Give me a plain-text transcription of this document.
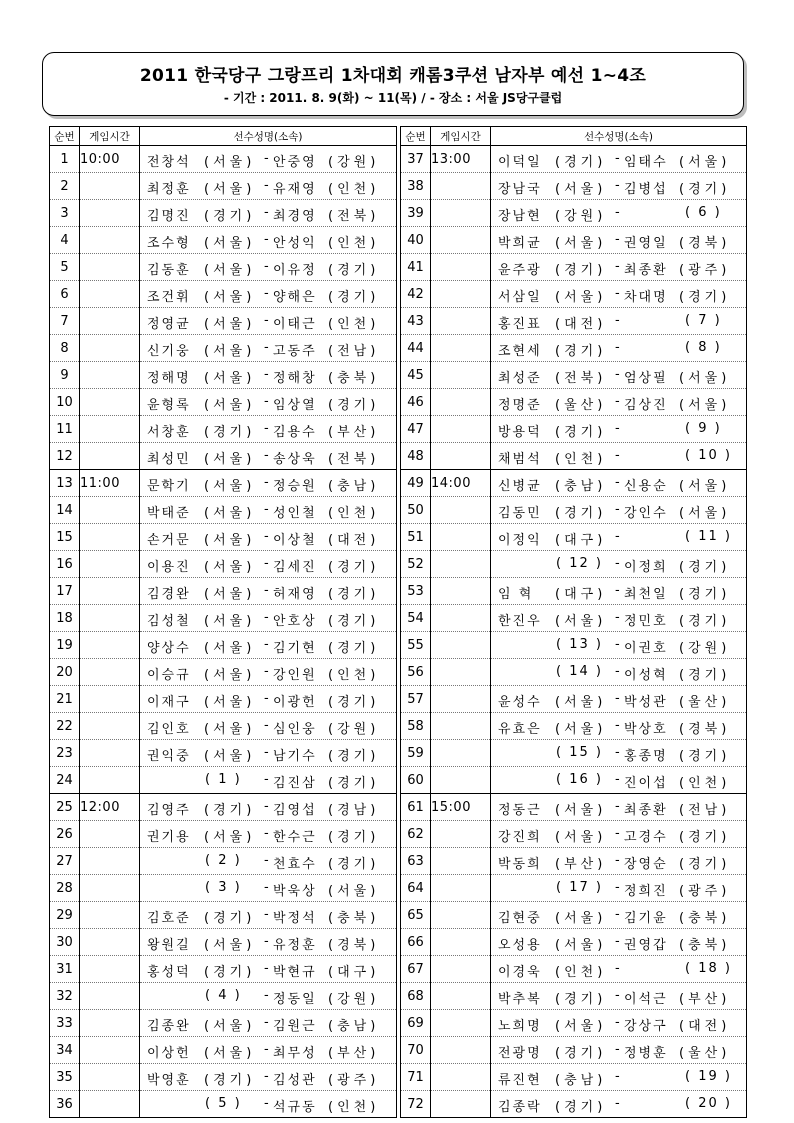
2011 한국당구 그랑프리 1차대회 캐롬3쿠션 남자부 예선 1~4조
- 기간 : 2011. 8. 9(화) ~ 11(목) / - 장소 : 서울 JS당구클럽
순번	게임시간	선수성명(소속)
1	10:00	전창석 (서울) - 안중영 (강원)

2		최정훈 (서울) - 유재영 (인천)

3		김명진 (경기) - 최경영 (전북)

4		조수형 (서울) - 안성익 (인천)

5		김동훈 (서울) - 이유정 (경기)

6		조건휘 (서울) - 양해은 (경기)

7		정영균 (서울) - 이태근 (인천)

8		신기웅 (서울) - 고동주 (전남)

9		정해명 (서울) - 정해창 (충북)

10		윤형록 (서울) - 임상열 (경기)

11		서창훈 (경기) - 김용수 (부산)

12		최성민 (서울) - 송상욱 (전북)

13	11:00	문학기 (서울) - 정승원 (충남)

14		박태준 (서울) - 성인철 (인천)

15		손거문 (서울) - 이상철 (대전)

16		이용진 (서울) - 김세진 (경기)

17		김경완 (서울) - 허재영 (경기)

18		김성철 (서울) - 안호상 (경기)

19		양상수 (서울) - 김기현 (경기)

20		이승규 (서울) - 강인원 (인천)

21		이재구 (서울) - 이광헌 (경기)

22		김인호 (서울) - 심인웅 (강원)

23		권익중 (서울) - 남기수 (경기)

24		( 1 ) - 김진삼 (경기)

25	12:00	김영주 (경기) - 김영섭 (경남)

26		권기용 (서울) - 한수근 (경기)

27		( 2 ) - 천효수 (경기)

28		( 3 ) - 박욱상 (서울)

29		김호준 (경기) - 박정석 (충북)

30		왕원길 (서울) - 유정훈 (경북)

31		홍성덕 (경기) - 박현규 (대구)

32		( 4 ) - 정동일 (강원)

33		김종완 (서울) - 김원근 (충남)

34		이상헌 (서울) - 최무성 (부산)

35		박영훈 (경기) - 김성관 (광주)

36		( 5 ) - 석규동 (인천)
순번	게임시간	선수성명(소속)
37	13:00	이덕일 (경기) - 임태수 (서울)

38		장남국 (서울) - 김병섭 (경기)

39		장남현 (강원) - ( 6 )

40		박희균 (서울) - 권영일 (경북)

41		윤주광 (경기) - 최종환 (광주)

42		서삼일 (서울) - 차대명 (경기)

43		홍진표 (대전) - ( 7 )

44		조현세 (경기) - ( 8 )

45		최성준 (전북) - 엄상필 (서울)

46		정명준 (울산) - 김상진 (서울)

47		방용덕 (경기) - ( 9 )

48		채범석 (인천) - ( 10 )

49	14:00	신병균 (충남) - 신용순 (서울)

50		김동민 (경기) - 강인수 (서울)

51		이정익 (대구) - ( 11 )

52		( 12 ) - 이정희 (경기)

53		임 혁 (대구) - 최천일 (경기)

54		한진우 (서울) - 정민호 (경기)

55		( 13 ) - 이권호 (강원)

56		( 14 ) - 이성혁 (경기)

57		윤성수 (서울) - 박성관 (울산)

58		유효은 (서울) - 박상호 (경북)

59		( 15 ) - 홍종명 (경기)

60		( 16 ) - 진이섭 (인천)

61	15:00	정동근 (서울) - 최종환 (전남)

62		강진희 (서울) - 고경수 (경기)

63		박동희 (부산) - 장영순 (경기)

64		( 17 ) - 정희진 (광주)

65		김현중 (서울) - 김기윤 (충북)

66		오성용 (서울) - 권영갑 (충북)

67		이경욱 (인천) - ( 18 )

68		박추복 (경기) - 이석근 (부산)

69		노희명 (서울) - 강상구 (대전)

70		전광명 (경기) - 정병훈 (울산)

71		류진현 (충남) - ( 19 )

72		김종락 (경기) - ( 20 )
